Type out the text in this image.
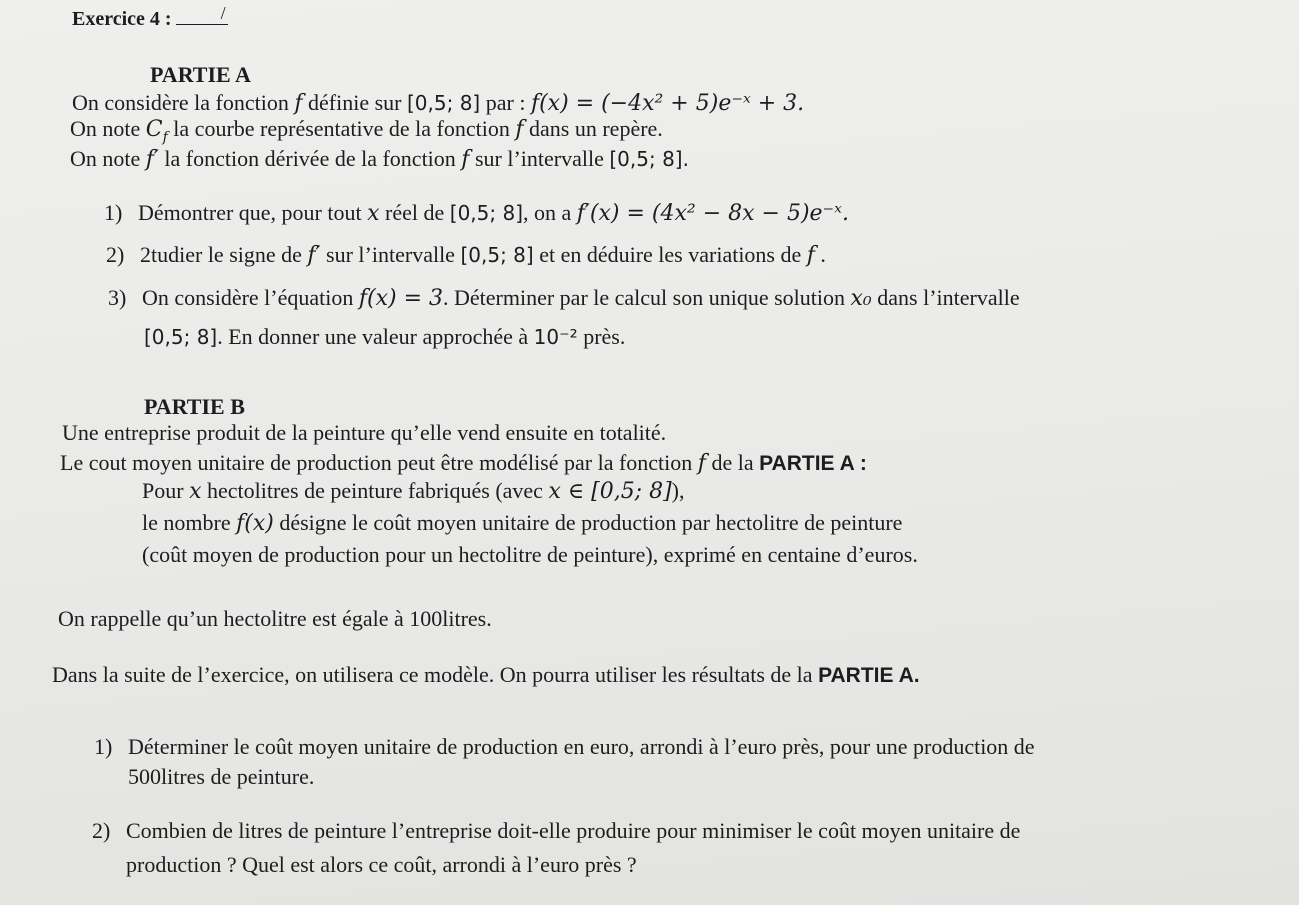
Exercice 4 :	/
PARTIE A
On considère la fonction f définie sur [0,5; 8] par : f(x) = (−4x² + 5)e⁻ˣ + 3.
On note $C_f$ la courbe représentative de la fonction f dans un repère.
On note f′ la fonction dérivée de la fonction f sur l’intervalle [0,5; 8].
1) Démontrer que, pour tout x réel de [0,5; 8], on a f′(x) = (4x² − 8x − 5)e⁻ˣ.
2) 2tudier le signe de f′ sur l’intervalle [0,5; 8] et en déduire les variations de f .
3) On considère l’équation f(x) = 3. Déterminer par le calcul son unique solution x₀ dans l’intervalle
[0,5; 8]. En donner une valeur approchée à 10⁻² près.
PARTIE B
Une entreprise produit de la peinture qu’elle vend ensuite en totalité.
Le cout moyen unitaire de production peut être modélisé par la fonction f de la PARTIE A :
Pour x hectolitres de peinture fabriqués (avec x ∈ [0,5; 8]),
le nombre f(x) désigne le coût moyen unitaire de production par hectolitre de peinture
(coût moyen de production pour un hectolitre de peinture), exprimé en centaine d’euros.
On rappelle qu’un hectolitre est égale à 100litres.
Dans la suite de l’exercice, on utilisera ce modèle. On pourra utiliser les résultats de la PARTIE A.
1) Déterminer le coût moyen unitaire de production en euro, arrondi à l’euro près, pour une production de
500litres de peinture.
2) Combien de litres de peinture l’entreprise doit-elle produire pour minimiser le coût moyen unitaire de
production ? Quel est alors ce coût, arrondi à l’euro près ?
